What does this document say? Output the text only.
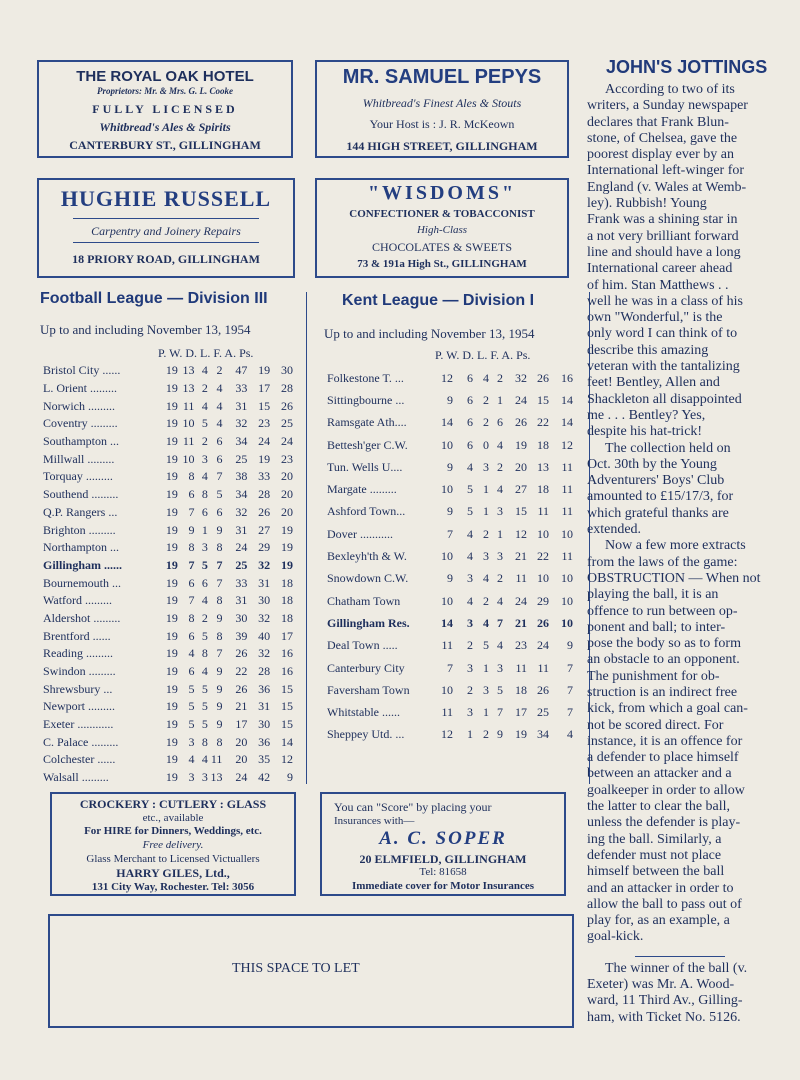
THE ROYAL OAK HOTEL
Proprietors: Mr. & Mrs. G. L. Cooke
FULLY LICENSED
Whitbread's Ales & Spirits
CANTERBURY ST., GILLINGHAM
MR. SAMUEL PEPYS
Whitbread's Finest Ales & Stouts
Your Host is : J. R. McKeown
144 HIGH STREET, GILLINGHAM
HUGHIE RUSSELL
Carpentry and Joinery Repairs
18 PRIORY ROAD, GILLINGHAM
"WISDOMS"
CONFECTIONER & TOBACCONIST
High-Class
CHOCOLATES & SWEETS
73 & 191a High St., GILLINGHAM
Football League — Division III
Up to and including November 13, 1954
P. W. D. L. F. A. Ps.
Bristol City ......	19	13	4	2	47	19	30
L. Orient .........	19	13	2	4	33	17	28
Norwich .........	19	11	4	4	31	15	26
Coventry .........	19	10	5	4	32	23	25
Southampton ...	19	11	2	6	34	24	24
Millwall .........	19	10	3	6	25	19	23
Torquay .........	19	8	4	7	38	33	20
Southend .........	19	6	8	5	34	28	20
Q.P. Rangers ...	19	7	6	6	32	26	20
Brighton .........	19	9	1	9	31	27	19
Northampton ...	19	8	3	8	24	29	19
Gillingham ......	19	7	5	7	25	32	19
Bournemouth ...	19	6	6	7	33	31	18
Watford .........	19	7	4	8	31	30	18
Aldershot .........	19	8	2	9	30	32	18
Brentford ......	19	6	5	8	39	40	17
Reading .........	19	4	8	7	26	32	16
Swindon .........	19	6	4	9	22	28	16
Shrewsbury ...	19	5	5	9	26	36	15
Newport .........	19	5	5	9	21	31	15
Exeter ............	19	5	5	9	17	30	15
C. Palace .........	19	3	8	8	20	36	14
Colchester ......	19	4	4	11	20	35	12
Walsall .........	19	3	3	13	24	42	9
Kent League — Division I
Up to and including November 13, 1954
P. W. D. L. F. A. Ps.
Folkestone T. ...	12	6	4	2	32	26	16
Sittingbourne ...	9	6	2	1	24	15	14
Ramsgate Ath....	14	6	2	6	26	22	14
Bettesh'ger C.W.	10	6	0	4	19	18	12
Tun. Wells U....	9	4	3	2	20	13	11
Margate .........	10	5	1	4	27	18	11
Ashford Town...	9	5	1	3	15	11	11
Dover ...........	7	4	2	1	12	10	10
Bexleyh'th & W.	10	4	3	3	21	22	11
Snowdown C.W.	9	3	4	2	11	10	10
Chatham Town	10	4	2	4	24	29	10
Gillingham Res.	14	3	4	7	21	26	10
Deal Town .....	11	2	5	4	23	24	9
Canterbury City	7	3	1	3	11	11	7
Faversham Town	10	2	3	5	18	26	7
Whitstable ......	11	3	1	7	17	25	7
Sheppey Utd. ...	12	1	2	9	19	34	4
CROCKERY : CUTLERY : GLASS
etc., available
For HIRE for Dinners, Weddings, etc.
Free delivery.
Glass Merchant to Licensed Victuallers
HARRY GILES, Ltd.,
131 City Way, Rochester. Tel: 3056
You can "Score" by placing your
Insurances with—
A. C. SOPER
20 ELMFIELD, GILLINGHAM
Tel: 81658
Immediate cover for Motor Insurances
THIS SPACE TO LET
JOHN'S JOTTINGS

According to two of its
writers, a Sunday newspaper
declares that Frank Blun-
stone, of Chelsea, gave the
poorest display ever by an
International left-winger for
England (v. Wales at Wemb-
ley). Rubbish! Young
Frank was a shining star in
a not very brilliant forward
line and should have a long
International career ahead
of him. Stan Matthews . .
well he was in a class of his
own "Wonderful," is the
only word I can think of to
describe this amazing
veteran with the tantalizing
feet! Bentley, Allen and
Shackleton all disappointed
me . . . Bentley? Yes,
despite his hat-trick!

The collection held on
Oct. 30th by the Young
Adventurers' Boys' Club
amounted to £15/17/3, for
which grateful thanks are
extended.

Now a few more extracts
from the laws of the game:
OBSTRUCTION — When not
playing the ball, it is an
offence to run between op-
ponent and ball; to inter-
pose the body so as to form
an obstacle to an opponent.
The punishment for ob-
struction is an indirect free
kick, from which a goal can-
not be scored direct. For
instance, it is an offence for
a defender to place himself
between an attacker and a
goalkeeper in order to allow
the latter to clear the ball,
unless the defender is play-
ing the ball. Similarly, a
defender must not place
himself between the ball
and an attacker in order to
allow the ball to pass out of
play for, as an example, a
goal-kick.

The winner of the ball (v.
Exeter) was Mr. A. Wood-
ward, 11 Third Av., Gilling-
ham, with Ticket No. 5126.
